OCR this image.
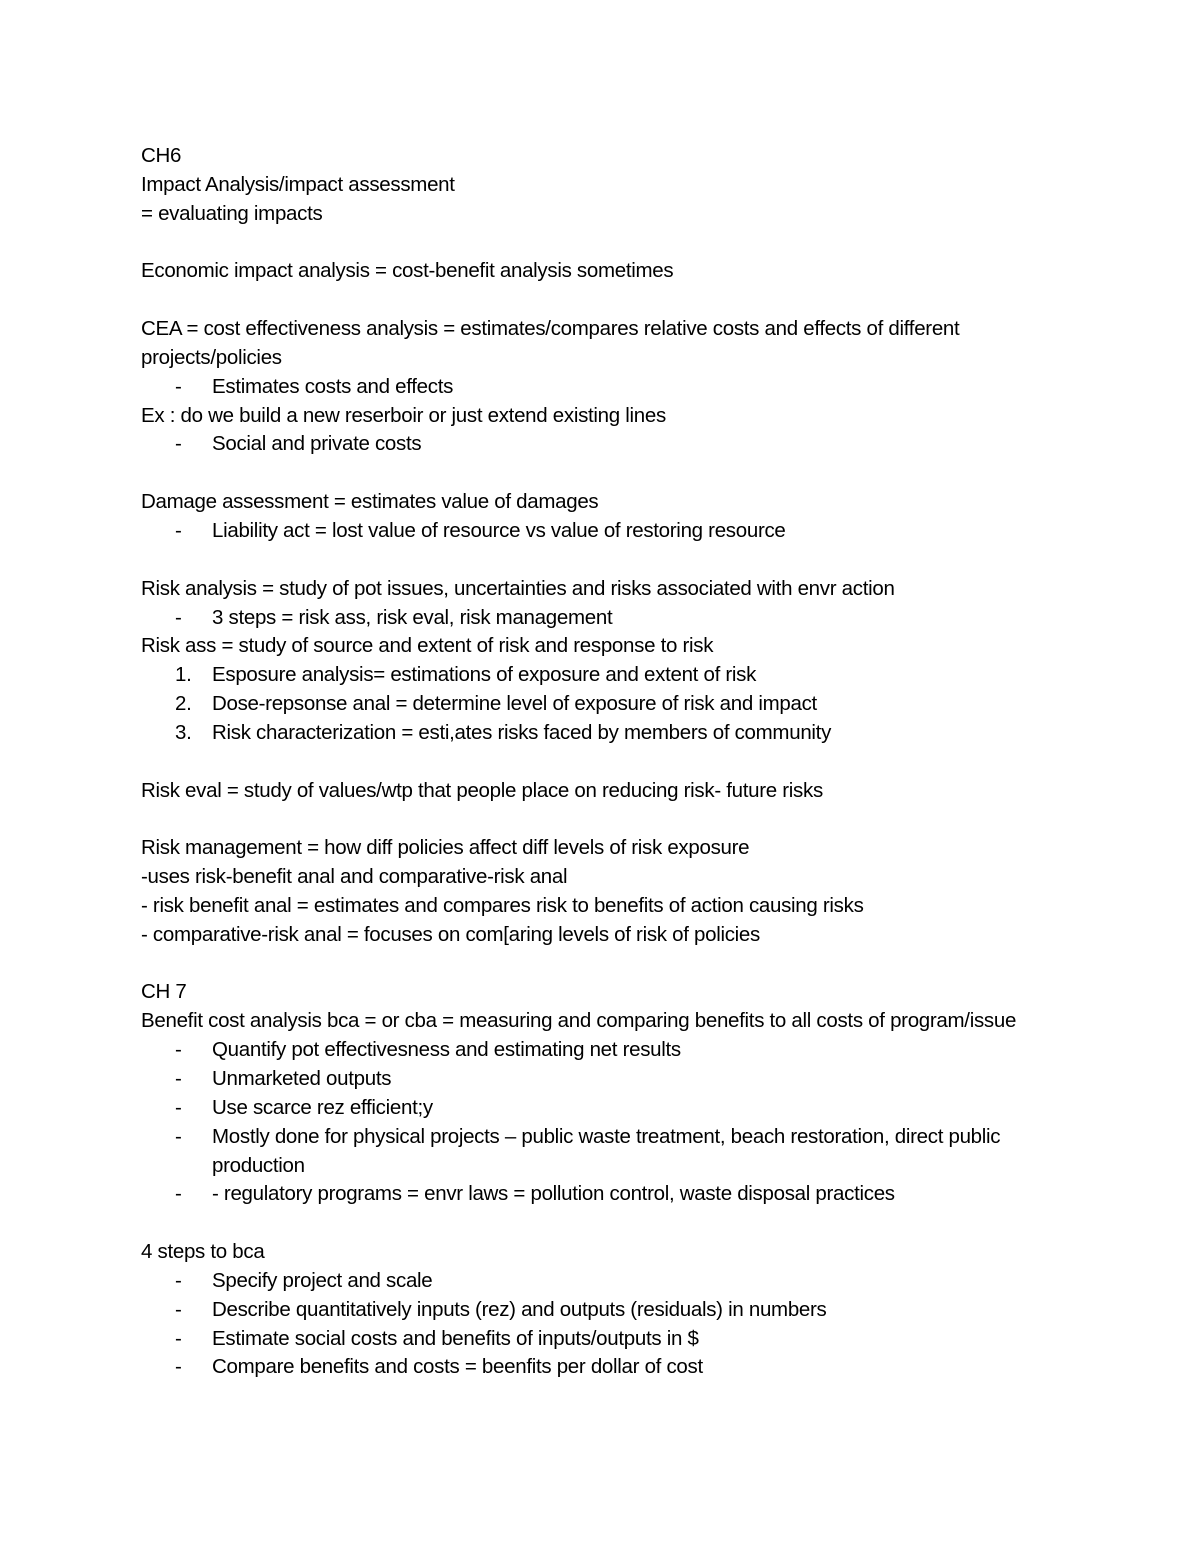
CH6
Impact Analysis/impact assessment
= evaluating impacts
Economic impact analysis = cost-benefit analysis sometimes
CEA = cost effectiveness analysis = estimates/compares relative costs and effects of different projects/policies
-	Estimates costs and effects
Ex : do we build a new reserboir or just extend existing lines
-	Social and private costs
Damage assessment = estimates value of damages
-	Liability act = lost value of resource vs value of restoring resource
Risk analysis = study of pot issues, uncertainties and risks associated with envr action
-	3 steps = risk ass, risk eval, risk management
Risk ass = study of source and extent of risk and response to risk
1.	Esposure analysis= estimations of exposure and extent of risk
2.	Dose-repsonse anal = determine level of exposure of risk and impact
3.	Risk characterization = esti,ates risks faced by members of community
Risk eval = study of values/wtp that people place on reducing risk- future risks
Risk management = how diff policies affect diff levels of risk exposure
-uses risk-benefit anal and comparative-risk anal
- risk benefit anal = estimates and compares risk to benefits of action causing risks
- comparative-risk anal = focuses on com[aring levels of risk of policies
CH 7
Benefit cost analysis bca = or cba = measuring and comparing benefits to all costs of program/issue
-	Quantify pot effectivesness and estimating net results
-	Unmarketed outputs
-	Use scarce rez efficient;y
-	Mostly done for physical projects – public waste treatment, beach restoration, direct public production
-	- regulatory programs = envr laws = pollution control, waste disposal practices
4 steps to bca
-	Specify project and scale
-	Describe quantitatively inputs (rez) and outputs (residuals) in numbers
-	Estimate social costs and benefits of inputs/outputs in $
-	Compare benefits and costs = beenfits per dollar of cost
